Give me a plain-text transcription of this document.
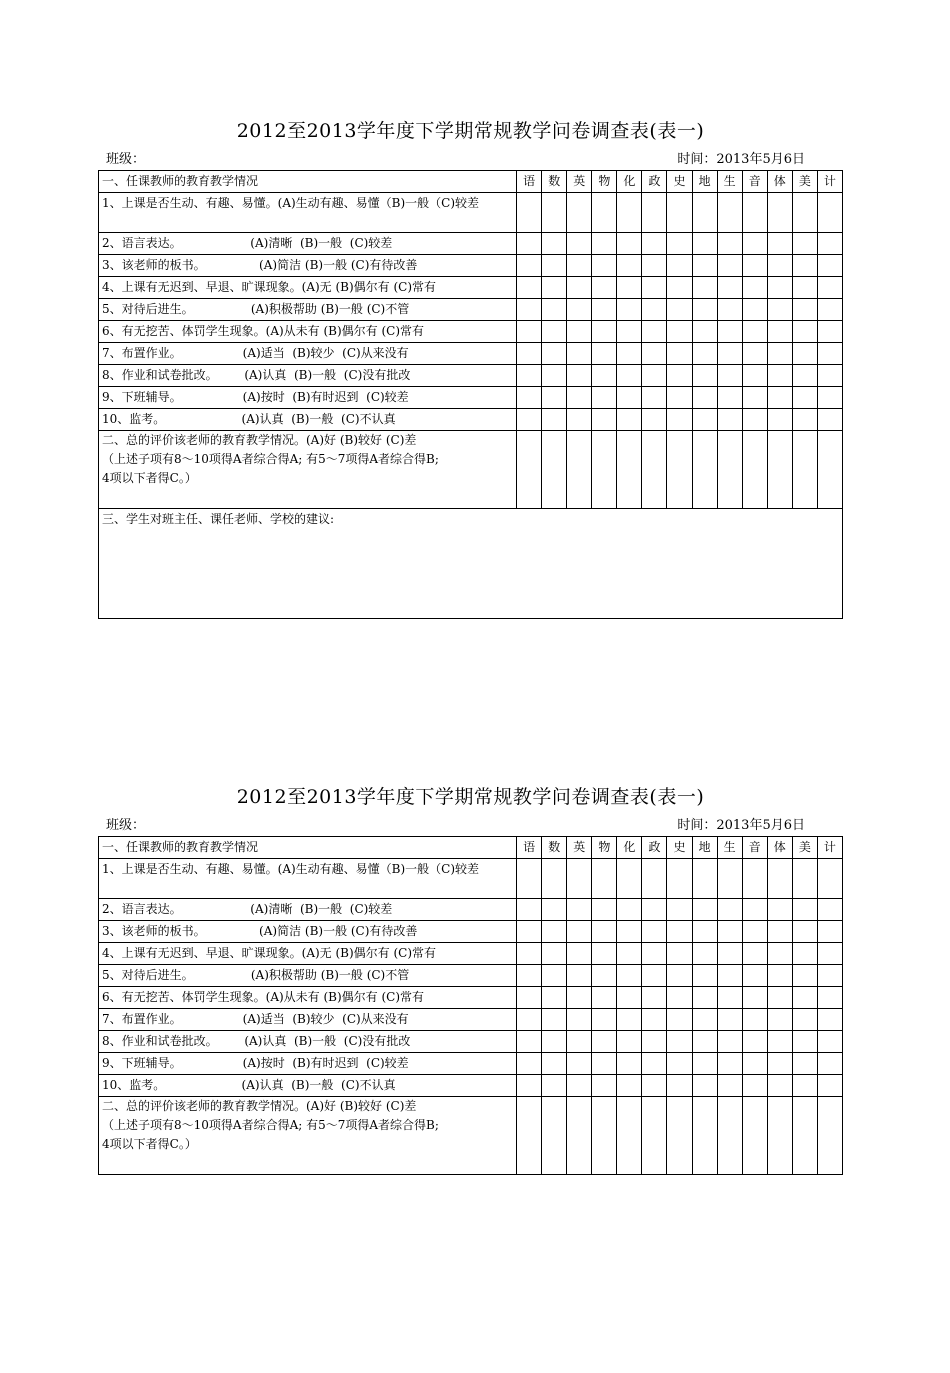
2012至2013学年度下学期常规教学问卷调查表(表一)
班级：	时间：2013年5月6日
一、任课教师的教育教学情况	语	数	英	物	化	政	史	地	生	音	体	美	计
1、上课是否生动、有趣、易懂。(A)生动有趣、易懂（B)一般（C)较差													
2、语言表达。                  (A)清晰  (B)一般  (C)较差													
3、该老师的板书。              (A)简洁 (B)一般 (C)有待改善													
4、上课有无迟到、早退、旷课现象。(A)无 (B)偶尔有 (C)常有													
5、对待后进生。               (A)积极帮助 (B)一般 (C)不管													
6、有无挖苦、体罚学生现象。(A)从未有 (B)偶尔有 (C)常有													
7、布置作业。                (A)适当  (B)较少  (C)从来没有													
8、作业和试卷批改。       (A)认真  (B)一般  (C)没有批改													
9、下班辅导。                (A)按时  (B)有时迟到  (C)较差													
10、监考。                    (A)认真  (B)一般  (C)不认真													

二、总的评价该老师的教育教学情况。(A)好 (B)较好 (C)差
（上述子项有8～10项得A者综合得A; 有5～7项得A者综合得B;
4项以下者得C。）													

三、学生对班主任、课任老师、学校的建议:													
2012至2013学年度下学期常规教学问卷调查表(表一)
班级：	时间：2013年5月6日
一、任课教师的教育教学情况	语	数	英	物	化	政	史	地	生	音	体	美	计
1、上课是否生动、有趣、易懂。(A)生动有趣、易懂（B)一般（C)较差													
2、语言表达。                  (A)清晰  (B)一般  (C)较差													
3、该老师的板书。              (A)简洁 (B)一般 (C)有待改善													
4、上课有无迟到、早退、旷课现象。(A)无 (B)偶尔有 (C)常有													
5、对待后进生。               (A)积极帮助 (B)一般 (C)不管													
6、有无挖苦、体罚学生现象。(A)从未有 (B)偶尔有 (C)常有													
7、布置作业。                (A)适当  (B)较少  (C)从来没有													
8、作业和试卷批改。       (A)认真  (B)一般  (C)没有批改													
9、下班辅导。                (A)按时  (B)有时迟到  (C)较差													
10、监考。                    (A)认真  (B)一般  (C)不认真													

二、总的评价该老师的教育教学情况。(A)好 (B)较好 (C)差
（上述子项有8～10项得A者综合得A; 有5～7项得A者综合得B;
4项以下者得C。）													
